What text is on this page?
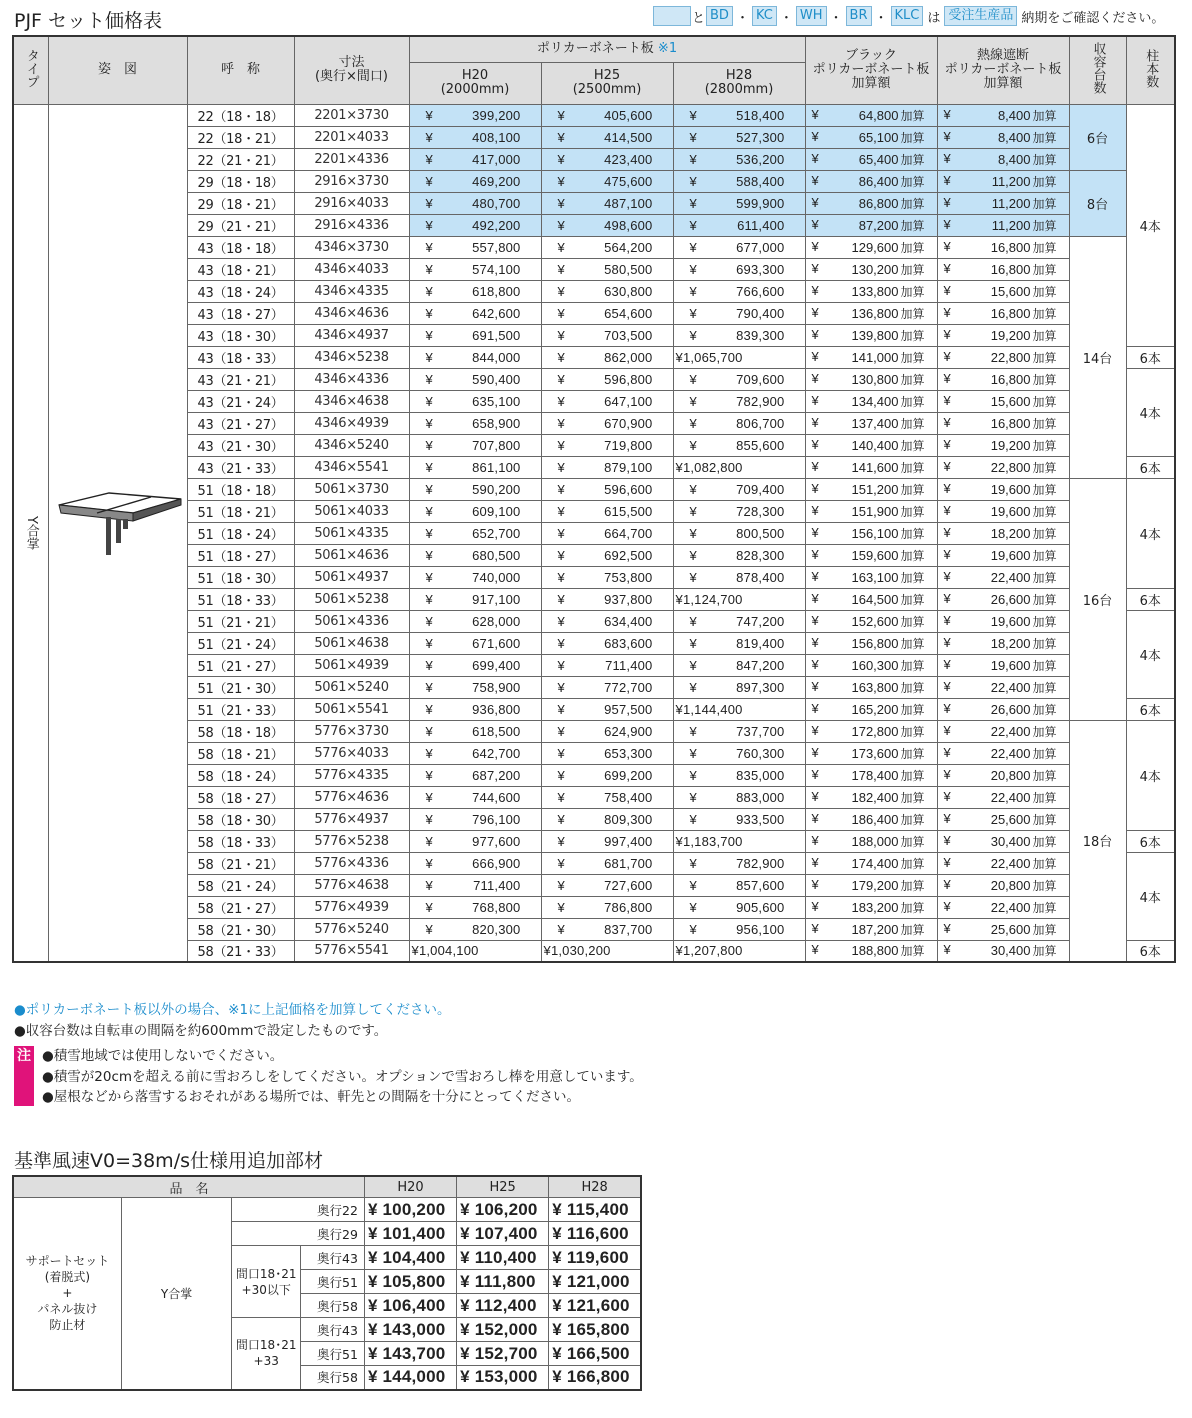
PJF セット価格表	と BD ・ KC ・ WH ・ BR ・ KLC は 受注生産品 納期をご確認ください。
タイプ	姿　図	呼　称	寸法
(奥行×間口)	ポリカーボネート板 ※1			ブラック
ポリカーボネート板
加算額	熱線遮断
ポリカーボネート板
加算額	収容台数	柱本数
				H20
(2000mm)	H25
(2500mm)	H28
(2800mm)				
Y合掌		22（18・18）	2201×3730	¥ 399,200	¥ 405,600	¥ 518,400	¥ 64,800 加算	¥ 8,400 加算	6台	4本
		22（18・21）	2201×4033	¥ 408,100	¥ 414,500	¥ 527,300	¥ 65,100 加算	¥ 8,400 加算		
		22（21・21）	2201×4336	¥ 417,000	¥ 423,400	¥ 536,200	¥ 65,400 加算	¥ 8,400 加算		
		29（18・18）	2916×3730	¥ 469,200	¥ 475,600	¥ 588,400	¥ 86,400 加算	¥ 11,200 加算	8台	
		29（18・21）	2916×4033	¥ 480,700	¥ 487,100	¥ 599,900	¥ 86,800 加算	¥ 11,200 加算		
		29（21・21）	2916×4336	¥ 492,200	¥ 498,600	¥ 611,400	¥ 87,200 加算	¥ 11,200 加算		
		43（18・18）	4346×3730	¥ 557,800	¥ 564,200	¥ 677,000	¥ 129,600 加算	¥ 16,800 加算	14台	
		43（18・21）	4346×4033	¥ 574,100	¥ 580,500	¥ 693,300	¥ 130,200 加算	¥ 16,800 加算		
		43（18・24）	4346×4335	¥ 618,800	¥ 630,800	¥ 766,600	¥ 133,800 加算	¥ 15,600 加算		
		43（18・27）	4346×4636	¥ 642,600	¥ 654,600	¥ 790,400	¥ 136,800 加算	¥ 16,800 加算		
		43（18・30）	4346×4937	¥ 691,500	¥ 703,500	¥ 839,300	¥ 139,800 加算	¥ 19,200 加算		
		43（18・33）	4346×5238	¥ 844,000	¥ 862,000	¥ 1,065,700	¥ 141,000 加算	¥ 22,800 加算		6本
		43（21・21）	4346×4336	¥ 590,400	¥ 596,800	¥ 709,600	¥ 130,800 加算	¥ 16,800 加算		4本
		43（21・24）	4346×4638	¥ 635,100	¥ 647,100	¥ 782,900	¥ 134,400 加算	¥ 15,600 加算		
		43（21・27）	4346×4939	¥ 658,900	¥ 670,900	¥ 806,700	¥ 137,400 加算	¥ 16,800 加算		
		43（21・30）	4346×5240	¥ 707,800	¥ 719,800	¥ 855,600	¥ 140,400 加算	¥ 19,200 加算		
		43（21・33）	4346×5541	¥ 861,100	¥ 879,100	¥ 1,082,800	¥ 141,600 加算	¥ 22,800 加算		6本
		51（18・18）	5061×3730	¥ 590,200	¥ 596,600	¥ 709,400	¥ 151,200 加算	¥ 19,600 加算	16台	4本
		51（18・21）	5061×4033	¥ 609,100	¥ 615,500	¥ 728,300	¥ 151,900 加算	¥ 19,600 加算		
		51（18・24）	5061×4335	¥ 652,700	¥ 664,700	¥ 800,500	¥ 156,100 加算	¥ 18,200 加算		
		51（18・27）	5061×4636	¥ 680,500	¥ 692,500	¥ 828,300	¥ 159,600 加算	¥ 19,600 加算		
		51（18・30）	5061×4937	¥ 740,000	¥ 753,800	¥ 878,400	¥ 163,100 加算	¥ 22,400 加算		
		51（18・33）	5061×5238	¥ 917,100	¥ 937,800	¥ 1,124,700	¥ 164,500 加算	¥ 26,600 加算		6本
		51（21・21）	5061×4336	¥ 628,000	¥ 634,400	¥ 747,200	¥ 152,600 加算	¥ 19,600 加算		4本
		51（21・24）	5061×4638	¥ 671,600	¥ 683,600	¥ 819,400	¥ 156,800 加算	¥ 18,200 加算		
		51（21・27）	5061×4939	¥ 699,400	¥ 711,400	¥ 847,200	¥ 160,300 加算	¥ 19,600 加算		
		51（21・30）	5061×5240	¥ 758,900	¥ 772,700	¥ 897,300	¥ 163,800 加算	¥ 22,400 加算		
		51（21・33）	5061×5541	¥ 936,800	¥ 957,500	¥ 1,144,400	¥ 165,200 加算	¥ 26,600 加算		6本
		58（18・18）	5776×3730	¥ 618,500	¥ 624,900	¥ 737,700	¥ 172,800 加算	¥ 22,400 加算	18台	4本
		58（18・21）	5776×4033	¥ 642,700	¥ 653,300	¥ 760,300	¥ 173,600 加算	¥ 22,400 加算		
		58（18・24）	5776×4335	¥ 687,200	¥ 699,200	¥ 835,000	¥ 178,400 加算	¥ 20,800 加算		
		58（18・27）	5776×4636	¥ 744,600	¥ 758,400	¥ 883,000	¥ 182,400 加算	¥ 22,400 加算		
		58（18・30）	5776×4937	¥ 796,100	¥ 809,300	¥ 933,500	¥ 186,400 加算	¥ 25,600 加算		
		58（18・33）	5776×5238	¥ 977,600	¥ 997,400	¥ 1,183,700	¥ 188,000 加算	¥ 30,400 加算		6本
		58（21・21）	5776×4336	¥ 666,900	¥ 681,700	¥ 782,900	¥ 174,400 加算	¥ 22,400 加算		4本
		58（21・24）	5776×4638	¥ 711,400	¥ 727,600	¥ 857,600	¥ 179,200 加算	¥ 20,800 加算		
		58（21・27）	5776×4939	¥ 768,800	¥ 786,800	¥ 905,600	¥ 183,200 加算	¥ 22,400 加算		
		58（21・30）	5776×5240	¥ 820,300	¥ 837,700	¥ 956,100	¥ 187,200 加算	¥ 25,600 加算		
		58（21・33）	5776×5541	¥ 1,004,100	¥ 1,030,200	¥ 1,207,800	¥ 188,800 加算	¥ 30,400 加算		6本
●ポリカーボネート板以外の場合、※1に上記価格を加算してください。
●収容台数は自転車の間隔を約600mmで設定したものです。
注 ●積雪地域では使用しないでください。
●積雪が20cmを超える前に雪おろしをしてください。オプションで雪おろし棒を用意しています。
●屋根などから落雪するおそれがある場所では、軒先との間隔を十分にとってください。
基準風速V0=38m/s仕様用追加部材
品　名				H20	H25	H28

サポートセット
(着脱式)
+
パネル抜け
防止材	Y合掌	奥行22		¥ 100,200	¥ 106,200	¥ 115,400
		奥行29		¥ 101,400	¥ 107,400	¥ 116,600

		間口18･21
+30以下	奥行43	¥ 104,400	¥ 110,400	¥ 119,600
			奥行51	¥ 105,800	¥ 111,800	¥ 121,000
			奥行58	¥ 106,400	¥ 112,400	¥ 121,600

		間口18･21
+33	奥行43	¥ 143,000	¥ 152,000	¥ 165,800
			奥行51	¥ 143,700	¥ 152,700	¥ 166,500
			奥行58	¥ 144,000	¥ 153,000	¥ 166,800
